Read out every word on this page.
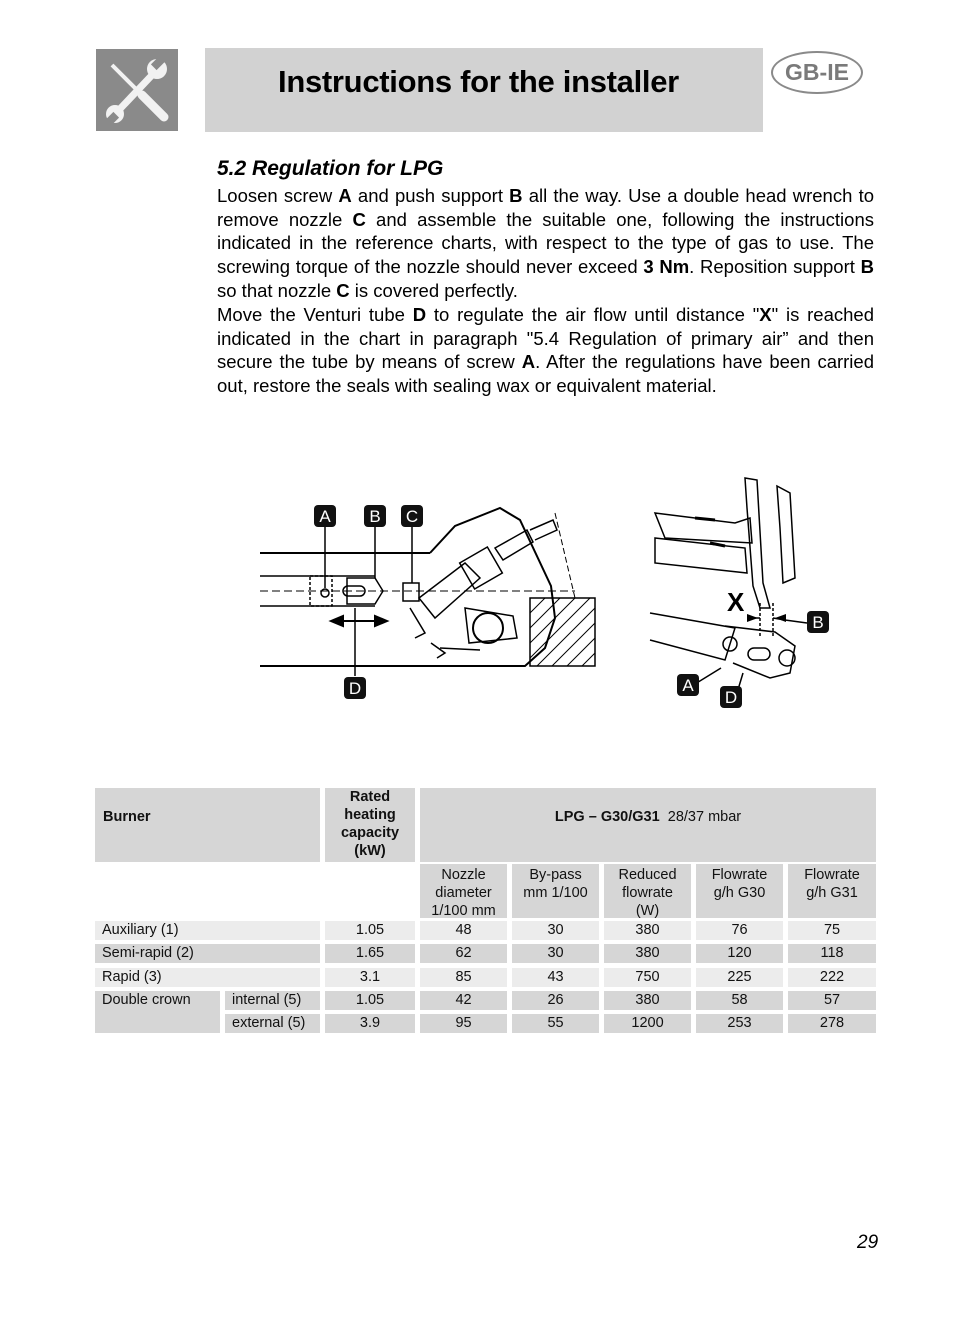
Instructions for the installer	GB-IE
5.2 Regulation for LPG

Loosen screw A and push support B all the way. Use a double head wrench to remove nozzle C and assemble the suitable one, following the instructions indicated in the reference charts, with respect to the type of gas to use. The screwing torque of the nozzle should never exceed 3 Nm. Reposition support B so that nozzle C is covered perfectly.

Move the Venturi tube D to regulate the air flow until distance "X" is reached indicated in the chart in paragraph "5.4 Regulation of primary air” and then secure the tube by means of screw A. After the regulations have been carried out, restore the seals with sealing wax or equivalent material.

A B C
D
X
B
A
D
Burner		Rated heating capacity (kW)	LPG – G30/G31 28/37 mbar				

			Nozzle diameter 1/100 mm	By-pass mm 1/100	Reduced flowrate (W)	Flowrate g/h G30	Flowrate g/h G31

Auxiliary (1)		1.05	48	30	380	76	75

Semi-rapid (2)		1.65	62	30	380	120	118

Rapid (3)		3.1	85	43	750	225	222

Double crown	internal (5)	1.05	42	26	380	58	57

	external (5)	3.9	95	55	1200	253	278
29
